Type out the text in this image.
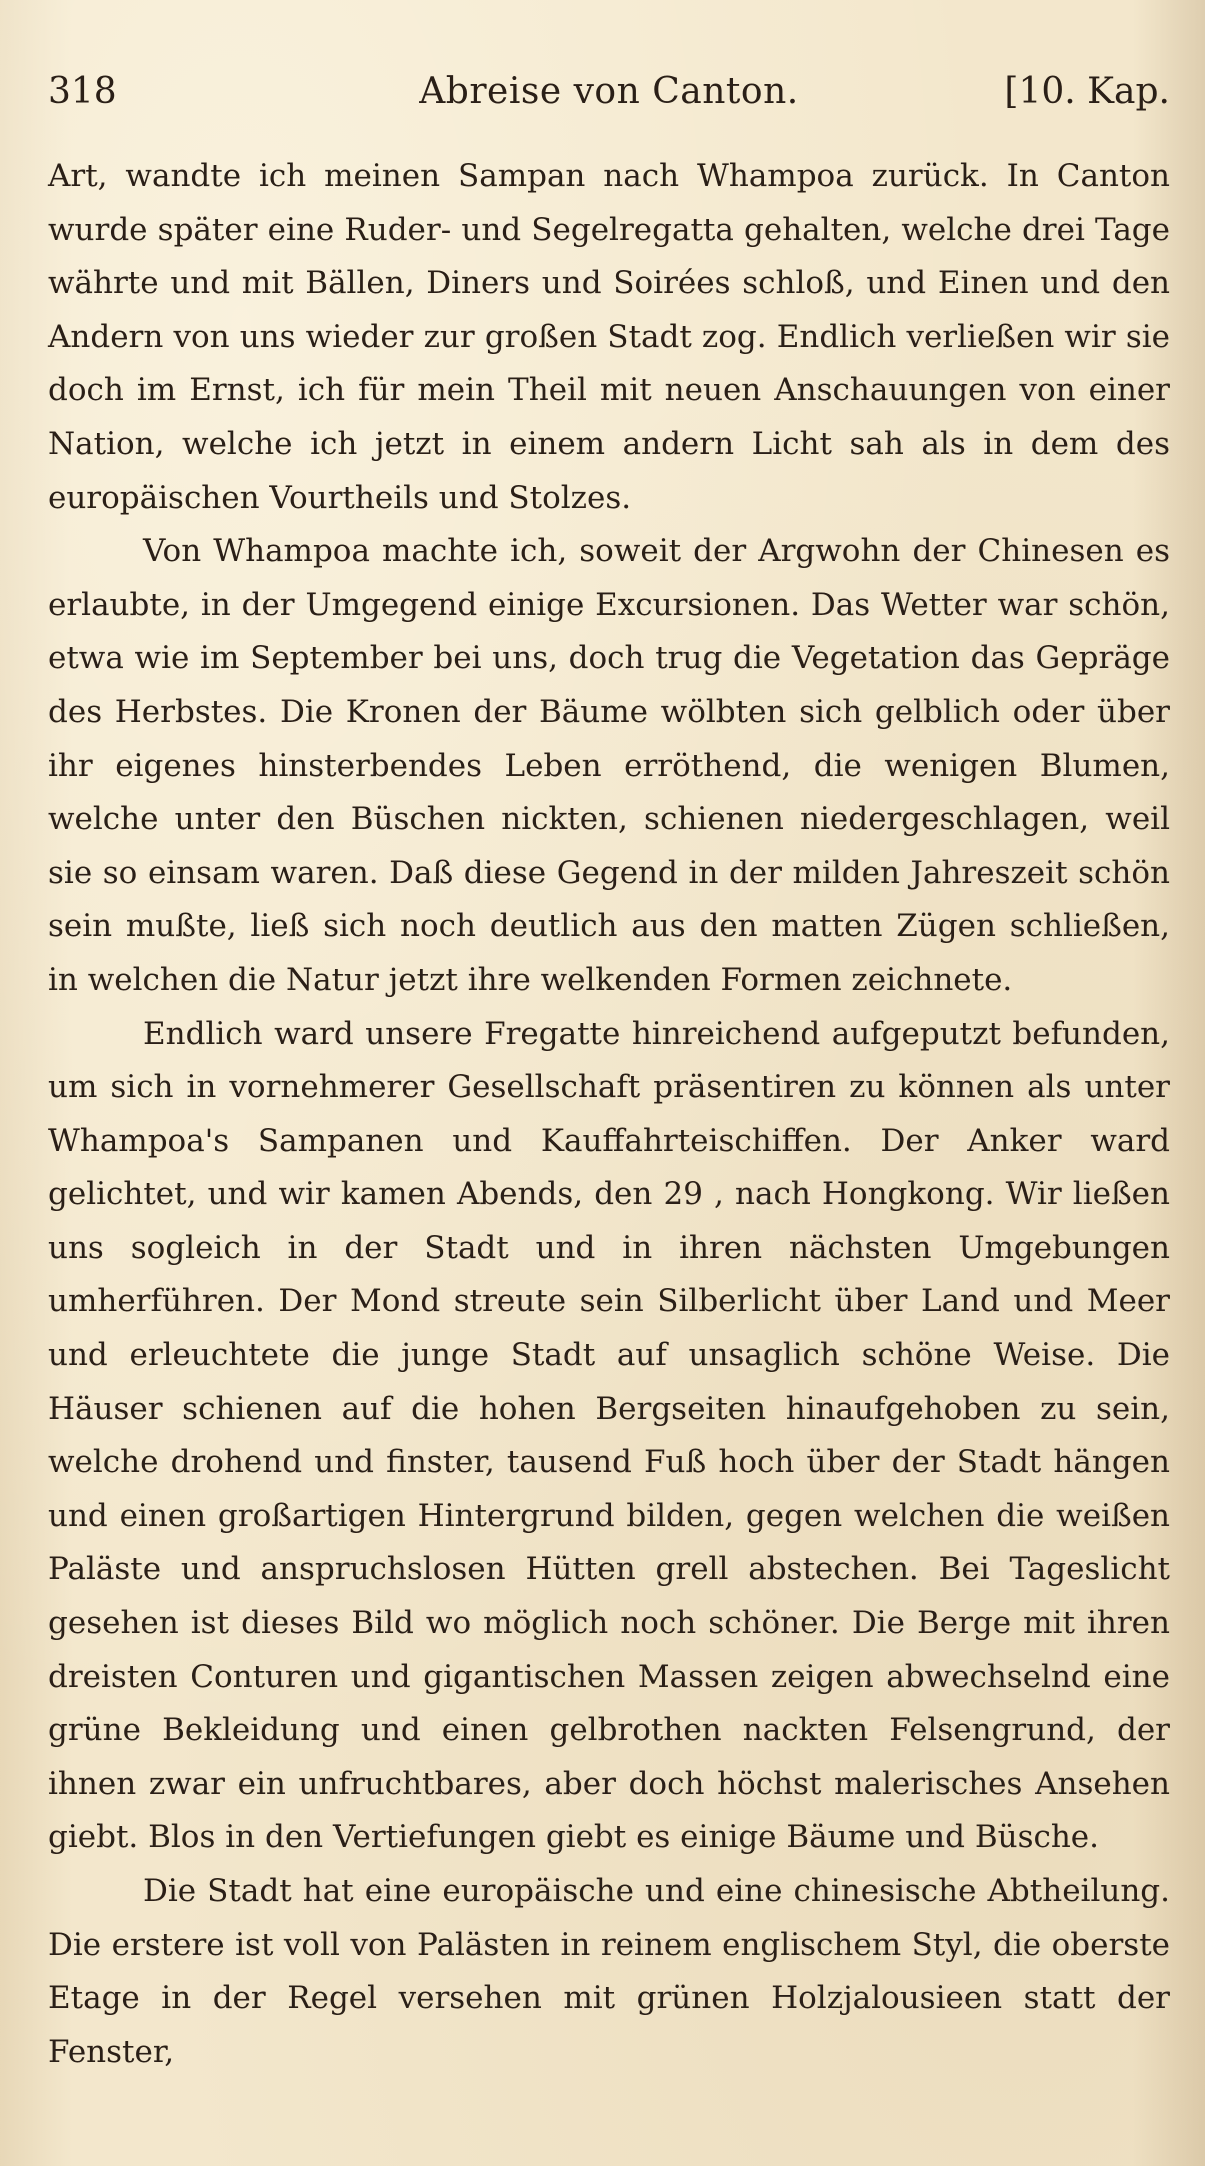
318	Abreise von Canton.	[10. Kap.

Art, wandte ich meinen Sampan nach Whampoa zurück. In Canton wurde später eine Ruder- und Segelregatta gehalten, welche drei Tage währte und mit Bällen, Diners und Soirées schloß, und Einen und den Andern von uns wieder zur großen Stadt zog. Endlich verließen wir sie doch im Ernst, ich für mein Theil mit neuen Anschauungen von einer Nation, welche ich jetzt in einem andern Licht sah als in dem des europäischen Vourtheils und Stolzes.

Von Whampoa machte ich, soweit der Argwohn der Chinesen es erlaubte, in der Umgegend einige Excursionen. Das Wetter war schön, etwa wie im September bei uns, doch trug die Vegetation das Gepräge des Herbstes. Die Kronen der Bäume wölbten sich gelblich oder über ihr eigenes hinsterbendes Leben erröthend, die wenigen Blumen, welche unter den Büschen nickten, schienen niedergeschlagen, weil sie so einsam waren. Daß diese Gegend in der milden Jahreszeit schön sein mußte, ließ sich noch deutlich aus den matten Zügen schließen, in welchen die Natur jetzt ihre welkenden Formen zeichnete.

Endlich ward unsere Fregatte hinreichend aufgeputzt befunden, um sich in vornehmerer Gesellschaft präsentiren zu können als unter Whampoa's Sampanen und Kauffahrteischiffen. Der Anker ward gelichtet, und wir kamen Abends, den 29 , nach Hongkong. Wir ließen uns sogleich in der Stadt und in ihren nächsten Umgebungen umherführen. Der Mond streute sein Silberlicht über Land und Meer und erleuchtete die junge Stadt auf unsaglich schöne Weise. Die Häuser schienen auf die hohen Bergseiten hinaufgehoben zu sein, welche drohend und finster, tausend Fuß hoch über der Stadt hängen und einen großartigen Hintergrund bilden, gegen welchen die weißen Paläste und anspruchslosen Hütten grell abstechen. Bei Tageslicht gesehen ist dieses Bild wo möglich noch schöner. Die Berge mit ihren dreisten Conturen und gigantischen Massen zeigen abwechselnd eine grüne Bekleidung und einen gelbrothen nackten Felsengrund, der ihnen zwar ein unfruchtbares, aber doch höchst malerisches Ansehen giebt. Blos in den Vertiefungen giebt es einige Bäume und Büsche.

Die Stadt hat eine europäische und eine chinesische Abtheilung. Die erstere ist voll von Palästen in reinem englischem Styl, die oberste Etage in der Regel versehen mit grünen Holzjalousieen statt der Fenster,
